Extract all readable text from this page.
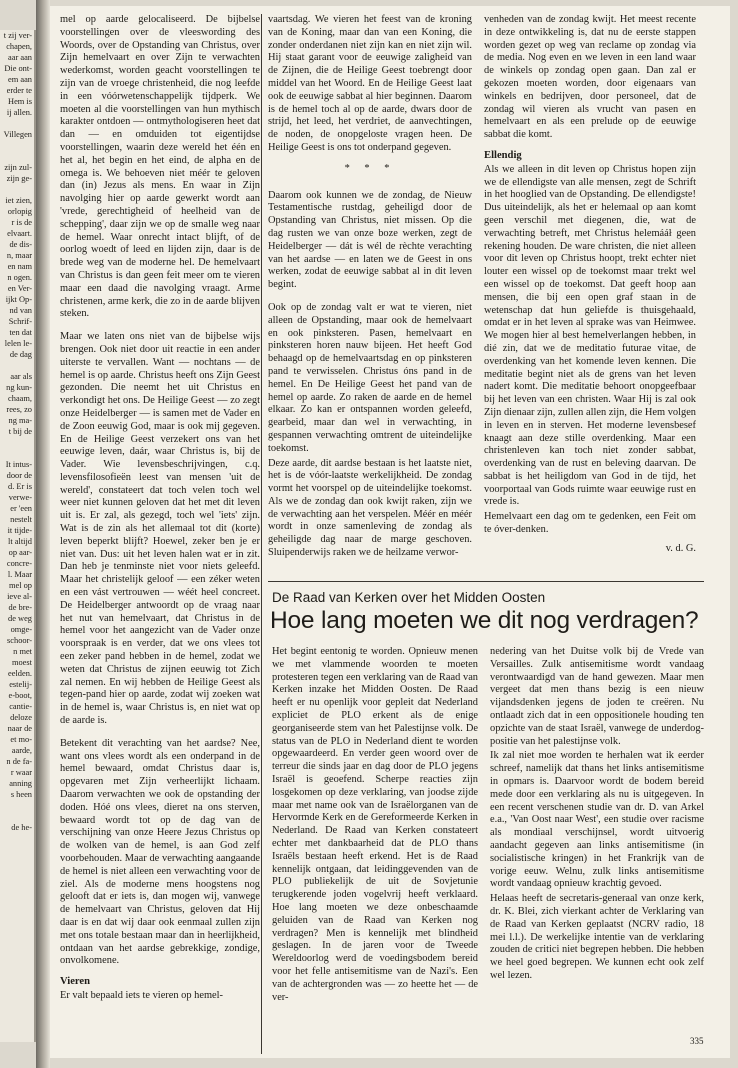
t zij ver-

chapen,

aar aan

Die ont-

em aan

erder te

Hem is

ij allen.

Villegen

zijn zul-

zijn ge-

iet zien,

orlopig

r is de

elvaart.

de dis-

n, maar

en nam

n ogen.

en Ver-

ijkt Op-

nd van

Schrif-

ten dat

lelen le-

de dag

aar als

ng kun-

chaam,

rees, zo

ng ma-

t bij de

It intus-

door de

d. Er is

verwe-

er 'een

nestelt

it tijde-

lt altijd

op aar-

concre-

l. Maar

mel op

ieve al-

de bre-

de weg

omge-

schoor-

n met

moest

eelden.

estelij-

e-boot,

cantie-

deloze

naar de

et mo-

aarde,

n de fa-

r waar

anning

s heen

de he-

mel op aarde gelocaliseerd. De bijbelse voorstellingen over de vleeswording des Woords, over de Opstanding van Christus, over Zijn hemelvaart en over Zijn te verwachten wederkomst, worden geacht voorstellingen te zijn van de vroege christenheid, die nog leefde in een vóórwetenschappelijk tijdperk. We moeten al die voorstellingen van hun mythisch karakter ontdoen — ontmythologiseren heet dat dan — en omduiden tot eigentijdse voorstellingen, waarin deze wereld het één en het al, het begin en het eind, de alpha en de omega is. We behoeven niet méér te geloven dan (in) Jezus als mens. En waar in Zijn navolging hier op aarde gewerkt wordt aan 'vrede, gerechtigheid of heelheid van de schepping', daar zijn we op de smalle weg naar de hemel. Waar onrecht intact blijft, of de oorlog woedt of leed en lijden zijn, daar is de brede weg van de moderne hel. De hemelvaart van Christus is dan geen feit meer om te vieren maar een daad die navolging vraagt. Arme christenen, arme kerk, die zo in de aarde blijven steken.

Maar we laten ons niet van de bijbelse wijs brengen. Ook niet door uit reactie in een ander uiterste te vervallen. Want — nochtans — de hemel is op aarde. Christus heeft ons Zijn Geest gezonden. Die neemt het uit Christus en verkondigt het ons. De Heilige Geest — zo zegt onze Heidelberger — is samen met de Vader en de Zoon eeuwig God, maar is ook mij gegeven. En de Heilige Geest verzekert ons van het eeuwige leven, daár, waar Christus is, bij de Vader. Wie levensbeschrijvingen, c.q. levensfilosofieën leest van mensen 'uit de wereld', constateert dat toch velen toch wel weer niet kunnen geloven dat het met dit leven uit is. Er zal, als gezegd, toch wel 'iets' zijn. Wat is de zin als het allemaal tot dit (korte) leven beperkt blijft? Hoewel, zeker ben je er niet van. Dus: uit het leven halen wat er in zit. Dan heb je tenminste niet voor niets geleefd. Maar het christelijk geloof — een zéker weten en een vást vertrouwen — wéét heel concreet. De Heidelberger antwoordt op de vraag naar het nut van hemelvaart, dat Christus in de hemel voor het aangezicht van de Vader onze voorspraak is en verder, dat we ons vlees tot een zeker pand hebben in de hemel, zodat we weten dat Christus de zijnen eeuwig tot Zich zal nemen. En wij hebben de Heilige Geest als tegen-pand hier op aarde, zodat wij zoeken wat in de hemel is, waar Christus is, en niet wat op de aarde is.

Betekent dit verachting van het aardse? Nee, want ons vlees wordt als een onderpand in de hemel bewaard, omdat Christus daar is, opgevaren met Zijn verheerlijkt lichaam. Daarom verwachten we ook de opstanding der doden. Hóé ons vlees, dieret na ons sterven, bewaard wordt tot op de dag van de verschijning van onze Heere Jezus Christus op de wolken van de hemel, is aan God zelf voorbehouden. Maar de verwachting aangaande de hemel is niet alleen een verwachting voor de ziel. Als de moderne mens hoogstens nog gelooft dat er iets is, dan mogen wij, vanwege de hemelvaart van Christus, geloven dat Hij daar is en dat wij daar ook eenmaal zullen zijn met ons totale bestaan maar dan in heerlijkheid, ontdaan van het aardse gebrekkige, zondige, onvolkomene.

Vieren

Er valt bepaald iets te vieren op hemel-

vaartsdag. We vieren het feest van de kroning van de Koning, maar dan van een Koning, die zonder onderdanen niet zijn kan en niet zijn wil. Hij staat garant voor de eeuwige zaligheid van de Zijnen, die de Heilige Geest toebrengt door middel van het Woord. En de Heilige Geest laat ook de eeuwige sabbat al hier beginnen. Daarom is de hemel toch al op de aarde, dwars door de strijd, het leed, het verdriet, de aanvechtingen, de noden, de onopgeloste vragen heen. De Heilige Geest is ons tot onderpand gegeven.

* * *

Daarom ook kunnen we de zondag, de Nieuw Testamentische rustdag, geheiligd door de Opstanding van Christus, niet missen. Op die dag rusten we van onze boze werken, zegt de Heidelberger — dát is wél de rèchte verachting van het aardse — en laten we de Geest in ons werken, zodat de eeuwige sabbat al in dit leven begint.

Ook op de zondag valt er wat te vieren, niet alleen de Opstanding, maar ook de hemelvaart en ook pinksteren. Pasen, hemelvaart en pinksteren horen nauw bijeen. Het heeft God behaagd op de hemelvaartsdag en op pinksteren pand te verwisselen. Christus óns pand in de hemel. En De Heilige Geest het pand van de hemel op aarde. Zo raken de aarde en de hemel elkaar. Zo kan er ontspannen worden geleefd, gearbeid, maar dan wel in verwachting, in gespannen verwachting omtrent de uiteindelijke toekomst.

Deze aarde, dit aardse bestaan is het laatste niet, het is de vóór-laatste werkelijkheid. De zondag vormt het voorspel op de uiteindelijke toekomst. Als we de zondag dan ook kwijt raken, zijn we de verwachting aan het verspelen. Méér en méér wordt in onze samenleving de zondag als geheiligde dag naar de marge geschoven. Sluipenderwijs raken we de heilzame verwor-

venheden van de zondag kwijt. Het meest recente in deze ontwikkeling is, dat nu de eerste stappen worden gezet op weg van reclame op zondag via de media. Nog even en we leven in een land waar de winkels op zondag open gaan. Dan zal er gekozen moeten worden, door eigenaars van winkels en bedrijven, door personeel, dat de zondag wil vieren als vrucht van pasen en hemelvaart en als een prelude op de eeuwige sabbat die komt.

Ellendig

Als we alleen in dit leven op Christus hopen zijn we de ellendigste van alle mensen, zegt de Schrift in het hooglied van de Opstanding. De ellendigste! Dus uiteindelijk, als het er helemaal op aan komt geen verschil met diegenen, die, wat de verwachting betreft, met Christus helemááł geen rekening houden. De ware christen, die niet alleen voor dit leven op Christus hoopt, trekt echter niet louter een wissel op de toekomst maar trekt wel een wissel op de toekomst. Dat geeft hoop aan mensen, die bij een open graf staan in de wetenschap dat hun geliefde is thuisgehaald, omdat er in het leven al sprake was van Heimwee. We mogen hier al best hemelverlangen hebben, in dié zin, dat we de meditatio futurae vitae, de overdenking van het komende leven kennen. Die meditatie begint niet als de grens van het leven nadert komt. Die meditatie behoort onopgeefbaar bij het leven van een christen. Waar Hij is zal ook Zijn dienaar zijn, zullen allen zijn, die Hem volgen in leven en in sterven. Het moderne levensbesef knaagt aan deze stille overdenking. Maar een christenleven kan toch niet zonder sabbat, overdenking van de rust en beleving daarvan. De sabbat is het heiligdom van God in de tijd, het voorportaal van Gods ruimte waar eeuwige rust en vrede is.

Hemelvaart een dag om te gedenken, een Feit om te óver-denken.

v. d. G.
De Raad van Kerken over het Midden Oosten
Hoe lang moeten we dit nog verdragen?

Het begint eentonig te worden. Opnieuw menen we met vlammende woorden te moeten protesteren tegen een verklaring van de Raad van Kerken inzake het Midden Oosten. De Raad heeft er nu openlijk voor gepleit dat Nederland expliciet de PLO erkent als de enige georganiseerde stem van het Palestijnse volk. De status van de PLO in Nederland dient te worden opgewaardeerd. En verder geen woord over de terreur die sinds jaar en dag door de PLO jegens Israël is geoefend. Scherpe reacties zijn losgekomen op deze verklaring, van joodse zijde maar met name ook van de Israëlorganen van de Hervormde Kerk en de Gereformeerde Kerken in Nederland. De Raad van Kerken constateert echter met dankbaarheid dat de PLO thans Israëls bestaan heeft erkend. Het is de Raad kennelijk ontgaan, dat leidinggevenden van de PLO publiekelijk de uit de Sovjetunie terugkerende joden vogelvrij heeft verklaard. Hoe lang moeten we deze onbeschaamde geluiden van de Raad van Kerken nog verdragen? Men is kennelijk met blindheid geslagen. In de jaren voor de Tweede Wereldoorlog werd de voedingsbodem bereid voor het felle antisemitisme van de Nazi's. Een van de achtergronden was — zo heette het — de ver-

nedering van het Duitse volk bij de Vrede van Versailles. Zulk antisemitisme wordt vandaag verontwaardigd van de hand gewezen. Maar men vergeet dat men thans bezig is een nieuw vijandsdenken jegens de joden te creëren. Nu ontlaadt zich dat in een oppositionele houding ten opzichte van de staat Israël, vanwege de underdog-positie van het palestijnse volk.

Ik zal niet moe worden te herhalen wat ik eerder schreef, namelijk dat thans het links antisemitisme in opmars is. Daarvoor wordt de bodem bereid mede door een verklaring als nu is uitgegeven. In een recent verschenen studie van dr. D. van Arkel e.a., 'Van Oost naar West', een studie over racisme als mondiaal verschijnsel, wordt uitvoerig aandacht gegeven aan links antisemitisme (in socialistische kringen) in het Frankrijk van de vorige eeuw. Welnu, zulk links antisemitisme wordt vandaag opnieuw krachtig gevoed.

Helaas heeft de secretaris-generaal van onze kerk, dr. K. Blei, zich vierkant achter de Verklaring van de Raad van Kerken geplaatst (NCRV radio, 18 mei l.l.). De werkelijke intentie van de verklaring zouden de critici niet begrepen hebben. Die hebben we heel goed begrepen. We kunnen echt ook zelf wel lezen.

335
